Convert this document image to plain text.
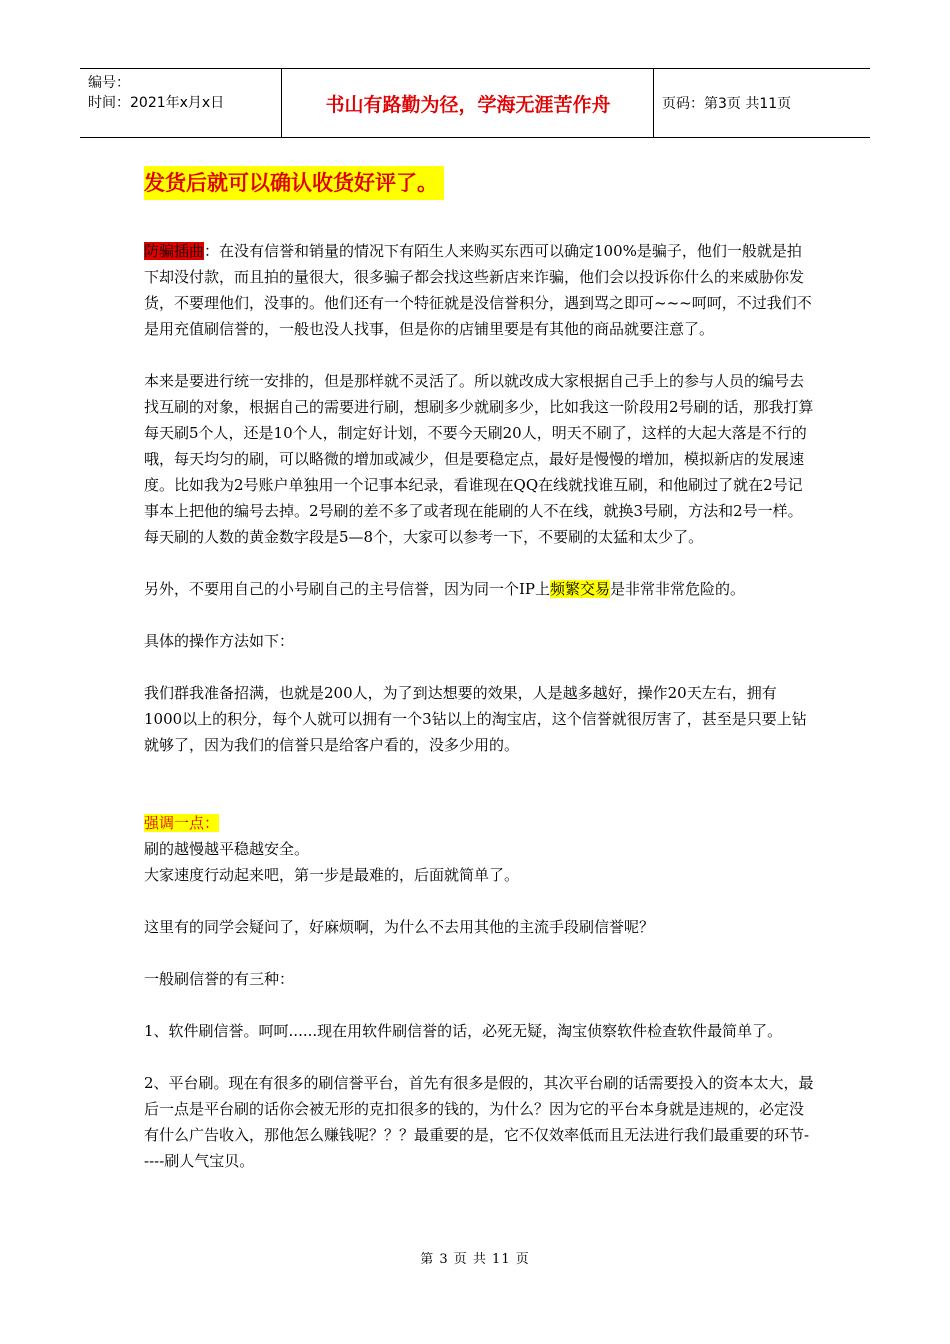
编号：
时间：2021年x月x日	书山有路勤为径，学海无涯苦作舟	页码：第3页 共11页
发货后就可以确认收货好评了。

防骗插曲：在没有信誉和销量的情况下有陌生人来购买东西可以确定100%是骗子，他们一般就是拍下却没付款，而且拍的量很大，很多骗子都会找这些新店来诈骗，他们会以投诉你什么的来威胁你发货，不要理他们，没事的。他们还有一个特征就是没信誉积分，遇到骂之即可~~~呵呵，不过我们不是用充值刷信誉的，一般也没人找事，但是你的店铺里要是有其他的商品就要注意了。

本来是要进行统一安排的，但是那样就不灵活了。所以就改成大家根据自己手上的参与人员的编号去找互刷的对象，根据自己的需要进行刷，想刷多少就刷多少，比如我这一阶段用2号刷的话，那我打算每天刷5个人，还是10个人，制定好计划，不要今天刷20人，明天不刷了，这样的大起大落是不行的哦，每天均匀的刷，可以略微的增加或减少，但是要稳定点，最好是慢慢的增加，模拟新店的发展速度。比如我为2号账户单独用一个记事本纪录，看谁现在QQ在线就找谁互刷，和他刷过了就在2号记事本上把他的编号去掉。2号刷的差不多了或者现在能刷的人不在线，就换3号刷，方法和2号一样。

每天刷的人数的黄金数字段是5—8个，大家可以参考一下，不要刷的太猛和太少了。

另外，不要用自己的小号刷自己的主号信誉，因为同一个IP上频繁交易是非常非常危险的。

具体的操作方法如下：

我们群我准备招满，也就是200人，为了到达想要的效果，人是越多越好，操作20天左右，拥有1000以上的积分，每个人就可以拥有一个3钻以上的淘宝店，这个信誉就很厉害了，甚至是只要上钻就够了，因为我们的信誉只是给客户看的，没多少用的。

强调一点：

刷的越慢越平稳越安全。

大家速度行动起来吧，第一步是最难的，后面就简单了。

这里有的同学会疑问了，好麻烦啊，为什么不去用其他的主流手段刷信誉呢？

一般刷信誉的有三种：

1、软件刷信誉。呵呵......现在用软件刷信誉的话，必死无疑，淘宝侦察软件检查软件最简单了。

2、平台刷。现在有很多的刷信誉平台，首先有很多是假的，其次平台刷的话需要投入的资本太大，最后一点是平台刷的话你会被无形的克扣很多的钱的，为什么？因为它的平台本身就是违规的，必定没有什么广告收入，那他怎么赚钱呢？？？最重要的是，它不仅效率低而且无法进行我们最重要的环节-----刷人气宝贝。

第 3 页 共 11 页
